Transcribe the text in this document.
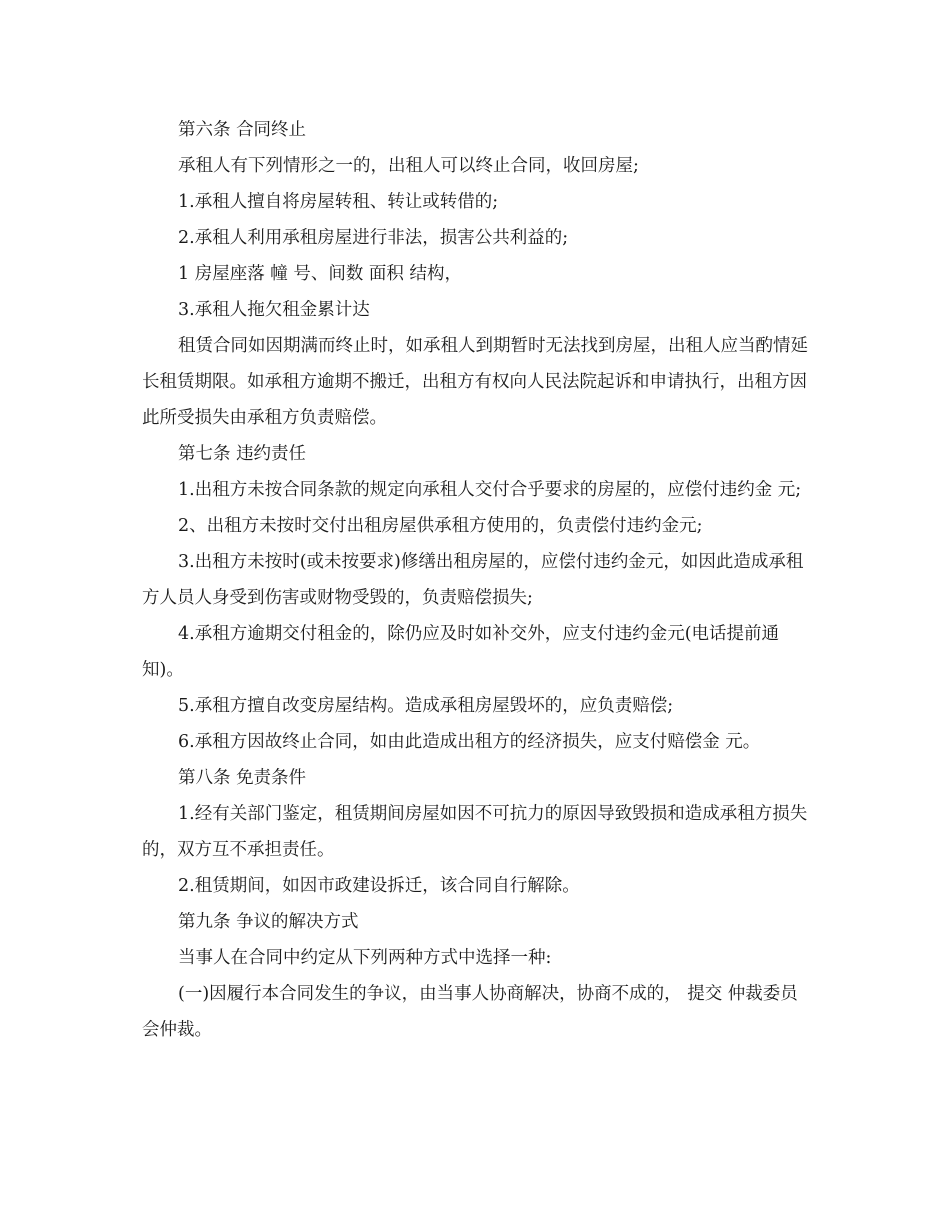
第六条 合同终止

承租人有下列情形之一的，出租人可以终止合同，收回房屋;

1.承租人擅自将房屋转租、转让或转借的;

2.承租人利用承租房屋进行非法，损害公共利益的;

1 房屋座落 幢 号、间数 面积 结构，

3.承租人拖欠租金累计达

租赁合同如因期满而终止时，如承租人到期暂时无法找到房屋，出租人应当酌情延长租赁期限。如承租方逾期不搬迁，出租方有权向人民法院起诉和申请执行，出租方因此所受损失由承租方负责赔偿。

第七条 违约责任

1.出租方未按合同条款的规定向承租人交付合乎要求的房屋的，应偿付违约金 元;

2、出租方未按时交付出租房屋供承租方使用的，负责偿付违约金元;

3.出租方未按时(或未按要求)修缮出租房屋的，应偿付违约金元，如因此造成承租方人员人身受到伤害或财物受毁的，负责赔偿损失;

4.承租方逾期交付租金的，除仍应及时如补交外，应支付违约金元(电话提前通知)。

5.承租方擅自改变房屋结构。造成承租房屋毁坏的，应负责赔偿;

6.承租方因故终止合同，如由此造成出租方的经济损失，应支付赔偿金 元。

第八条 免责条件

1.经有关部门鉴定，租赁期间房屋如因不可抗力的原因导致毁损和造成承租方损失的，双方互不承担责任。

2.租赁期间，如因市政建设拆迁，该合同自行解除。

第九条 争议的解决方式

当事人在合同中约定从下列两种方式中选择一种:

(一)因履行本合同发生的争议，由当事人协商解决，协商不成的， 提交 仲裁委员会仲裁。
